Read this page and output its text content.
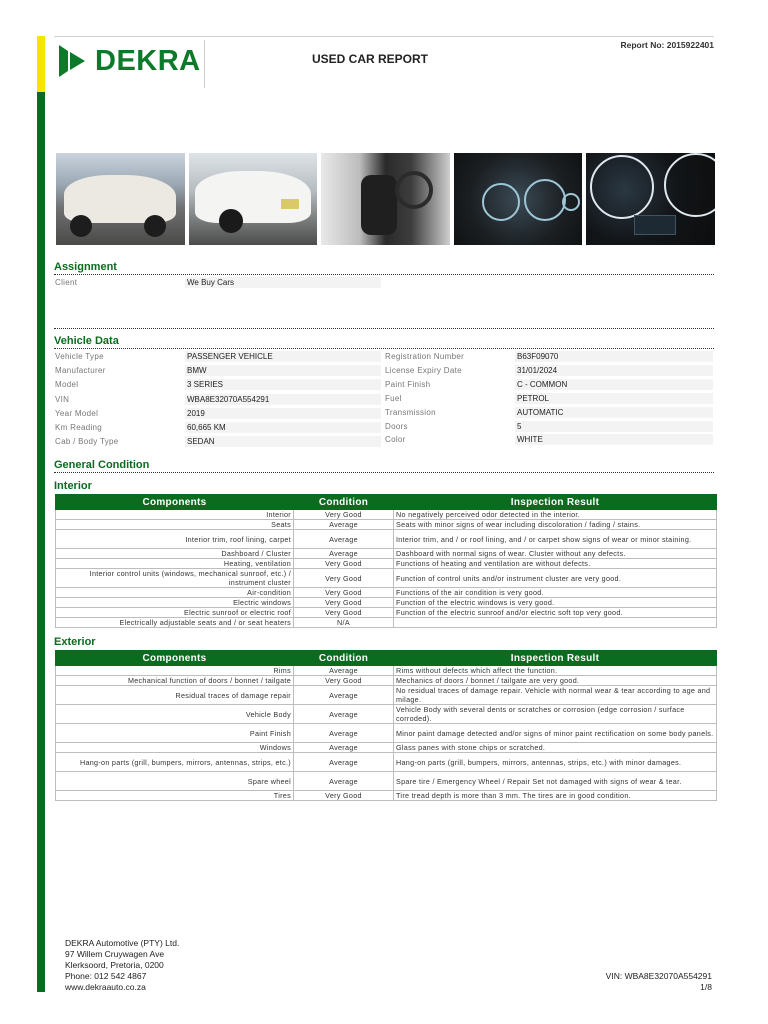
DEKRA	USED CAR REPORT
Report No: 2015922401
Assignment
Client	We Buy Cars
Vehicle Data
Vehicle Type	PASSENGER VEHICLE
Manufacturer	BMW
Model	3 SERIES
VIN	WBA8E32070A554291
Year Model	2019
Km Reading	60,665 KM
Cab / Body Type	SEDAN
Registration Number	B63F09070
License Expiry Date	31/01/2024
Paint Finish	C - COMMON
Fuel	PETROL
Transmission	AUTOMATIC
Doors	5
Color	WHITE
General Condition
Interior
Components	Condition	Inspection Result
Interior	Very Good	No negatively perceived odor detected in the interior.
Seats	Average	Seats with minor signs of wear including discoloration / fading / stains.
Interior trim, roof lining, carpet	Average	Interior trim, and / or roof lining, and / or carpet show signs of wear or minor staining.
Dashboard / Cluster	Average	Dashboard with normal signs of wear. Cluster without any defects.
Heating, ventilation	Very Good	Functions of heating and ventilation are without defects.
Interior control units (windows, mechanical sunroof, etc.) / instrument cluster	Very Good	Function of control units and/or instrument cluster are very good.
Air-condition	Very Good	Functions of the air condition is very good.
Electric windows	Very Good	Function of the electric windows is very good.
Electric sunroof or electric roof	Very Good	Function of the electric sunroof and/or electric soft top very good.
Electrically adjustable seats and / or seat heaters	N/A	
Exterior
Components	Condition	Inspection Result
Rims	Average	Rims without defects which affect the function.
Mechanical function of doors / bonnet / tailgate	Very Good	Mechanics of doors / bonnet / tailgate are very good.
Residual traces of damage repair	Average	No residual traces of damage repair. Vehicle with normal wear & tear according to age and milage.
Vehicle Body	Average	Vehicle Body with several dents or scratches or corrosion (edge corrosion / surface corroded).
Paint Finish	Average	Minor paint damage detected and/or signs of minor paint rectification on some body panels.
Windows	Average	Glass panes with stone chips or scratched.
Hang-on parts (grill, bumpers, mirrors, antennas, strips, etc.)	Average	Hang-on parts (grill, bumpers, mirrors, antennas, strips, etc.) with minor damages.
Spare wheel	Average	Spare tire / Emergency Wheel / Repair Set not damaged with signs of wear & tear.
Tires	Very Good	Tire tread depth is more than 3 mm. The tires are in good condition.
DEKRA Automotive (PTY) Ltd.
97 Willem Cruywagen Ave
Klerksoord, Pretoria, 0200
Phone: 012 542 4867
www.dekraauto.co.za
VIN: WBA8E32070A554291
1/8
